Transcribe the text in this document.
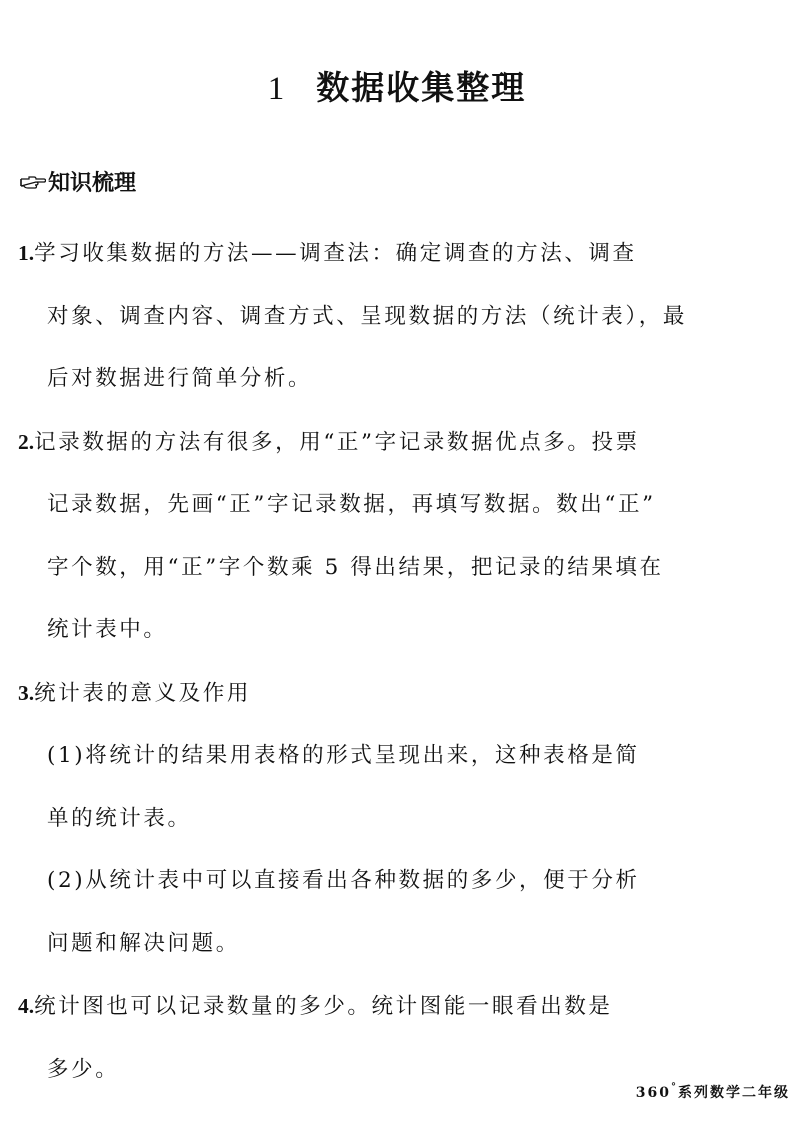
1 数据收集整理
知识梳理
1.学习收集数据的方法——调查法：确定调查的方法、调查
对象、调查内容、调查方式、呈现数据的方法（统计表），最
后对数据进行简单分析。
2.记录数据的方法有很多，用“正”字记录数据优点多。投票
记录数据，先画“正”字记录数据，再填写数据。数出“正”
字个数，用“正”字个数乘 5 得出结果，把记录的结果填在
统计表中。
3.统计表的意义及作用
(1)将统计的结果用表格的形式呈现出来，这种表格是简
单的统计表。
(2)从统计表中可以直接看出各种数据的多少，便于分析
问题和解决问题。
4.统计图也可以记录数量的多少。统计图能一眼看出数是
多少。
360°系列数学二年级
